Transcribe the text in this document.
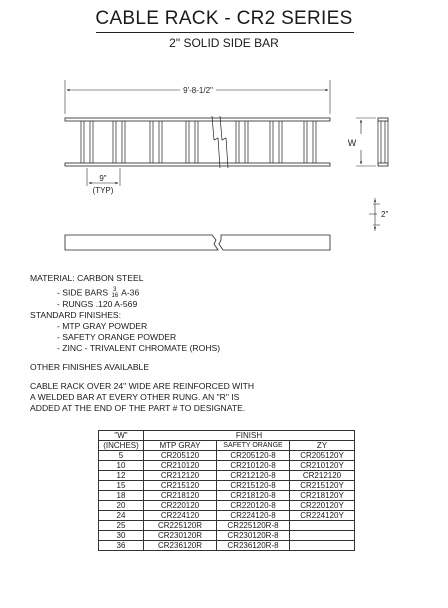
CABLE RACK - CR2 SERIES
2" SOLID SIDE BAR
9'-8-1/2"
9"
(TYP)
W
2"
MATERIAL: CARBON STEEL
- SIDE BARS 3
16 A-36
- RUNGS .120 A-569
STANDARD FINISHES:
- MTP GRAY POWDER
- SAFETY ORANGE POWDER
- ZINC - TRIVALENT CHROMATE (ROHS)
OTHER FINISHES AVAILABLE
CABLE RACK OVER 24" WIDE ARE REINFORCED WITH
A WELDED BAR AT EVERY OTHER RUNG. AN "R" IS
ADDED AT THE END OF THE PART # TO DESIGNATE.
"W"	FINISH		
(INCHES)	MTP GRAY	SAFETY ORANGE	ZY
5	CR205120	CR205120-8	CR205120Y
10	CR210120	CR210120-8	CR210120Y
12	CR212120	CR212120-8	CR212120
15	CR215120	CR215120-8	CR215120Y
18	CR218120	CR218120-8	CR218120Y
20	CR220120	CR220120-8	CR220120Y
24	CR224120	CR224120-8	CR224120Y
25	CR225120R	CR225120R-8	
30	CR230120R	CR230120R-8	
36	CR236120R	CR236120R-8	
